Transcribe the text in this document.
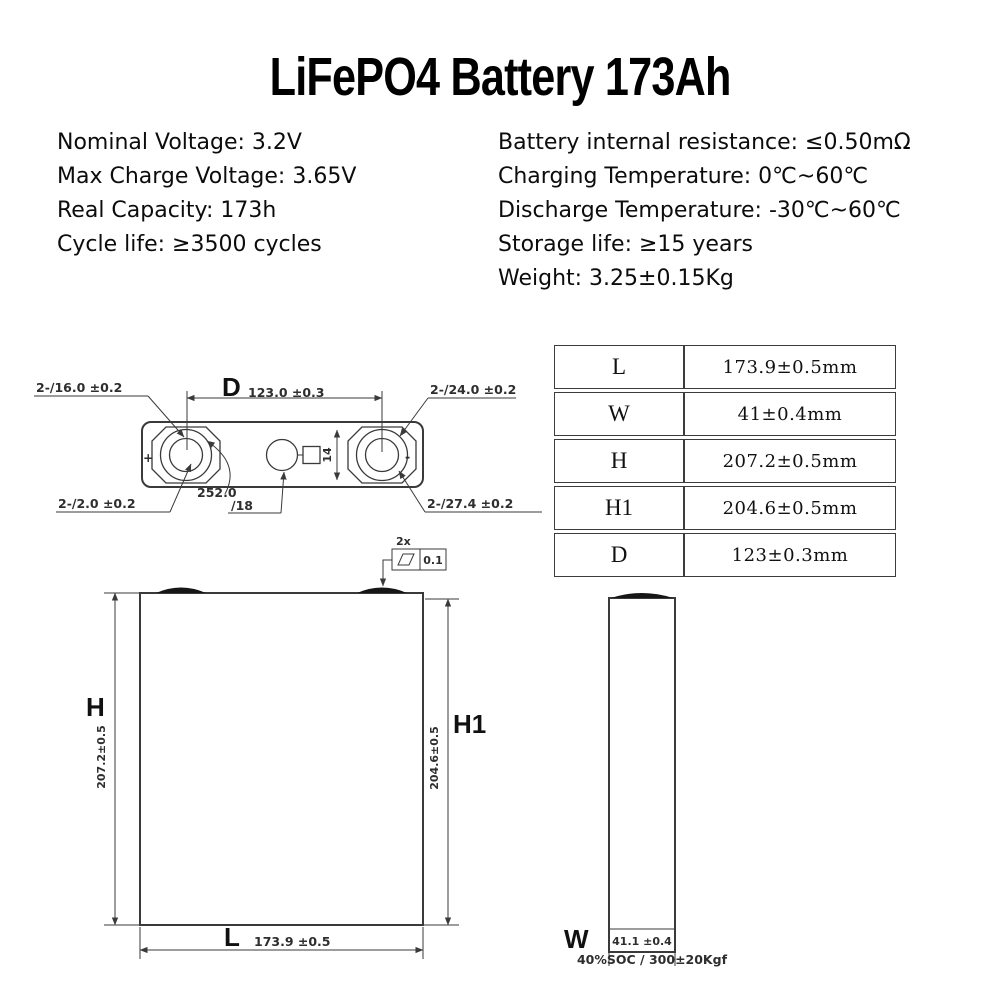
LiFePO4 Battery 173Ah
Nominal Voltage: 3.2V
Max Charge Voltage: 3.65V
Real Capacity: 173h
Cycle life: ≥3500 cycles
Battery internal resistance: ≤0.50mΩ
Charging Temperature: 0℃~60℃
Discharge Temperature: -30℃~60℃
Storage life: ≥15 years
Weight: 3.25±0.15Kg
L	173.9±0.5mm
W	41±0.4mm
H	207.2±0.5mm
H1	204.6±0.5mm
D	123±0.3mm
14
D 123.0 ±0.3
2-∕16.0 ±0.2	2-∕24.0 ±0.2
2-∕2.0 ±0.2	2-∕27.4 ±0.2
252.0
∕18
+	-
2x
0.1
H
207.2±0.5
H1
204.6±0.5
L 173.9 ±0.5	41.1 ±0.4
W
40%SOC / 300±20Kgf
